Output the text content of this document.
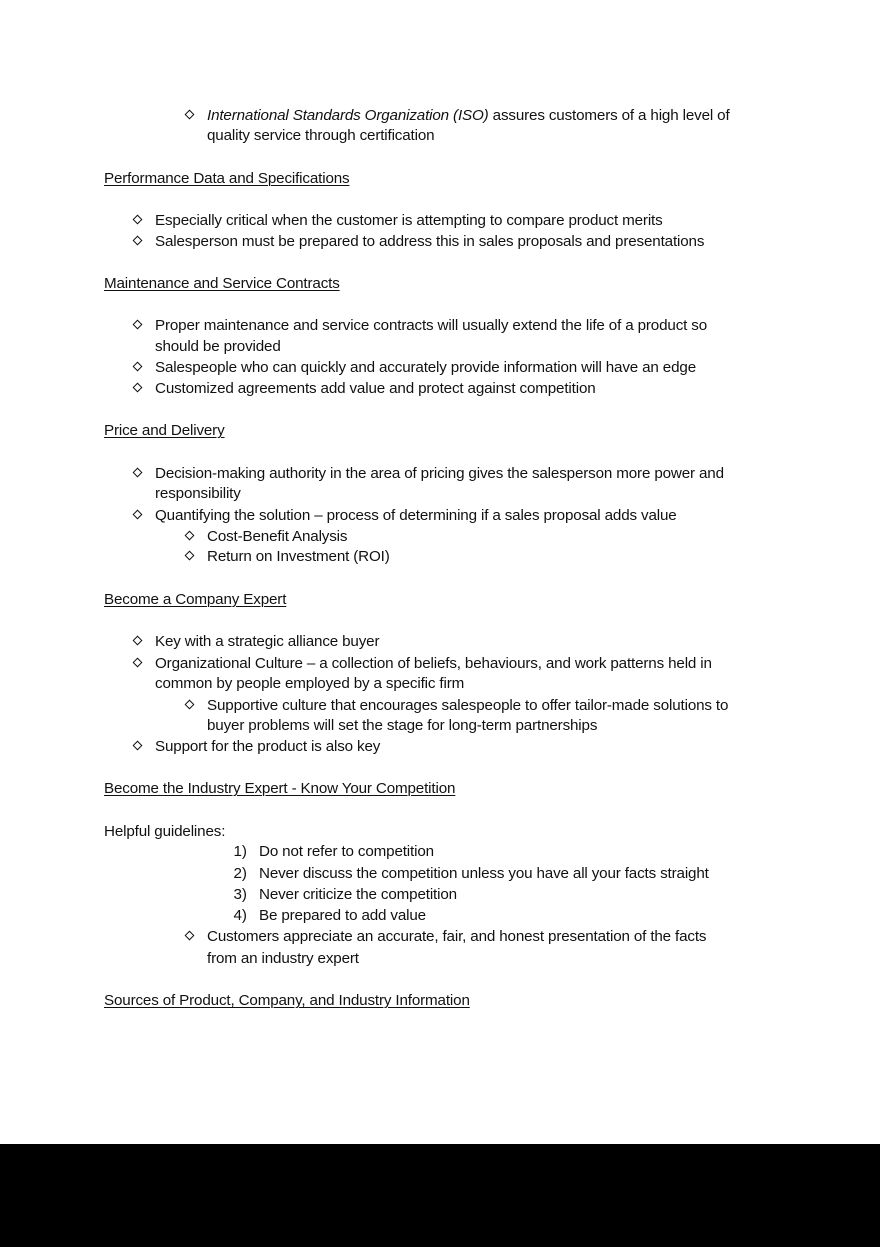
International Standards Organization (ISO) assures customers of a high level of
quality service through certification
Performance Data and Specifications
Especially critical when the customer is attempting to compare product merits
Salesperson must be prepared to address this in sales proposals and presentations
Maintenance and Service Contracts
Proper maintenance and service contracts will usually extend the life of a product so
should be provided
Salespeople who can quickly and accurately provide information will have an edge
Customized agreements add value and protect against competition
Price and Delivery
Decision-making authority in the area of pricing gives the salesperson more power and
responsibility
Quantifying the solution – process of determining if a sales proposal adds value
Cost-Benefit Analysis
Return on Investment (ROI)
Become a Company Expert
Key with a strategic alliance buyer
Organizational Culture – a collection of beliefs, behaviours, and work patterns held in
common by people employed by a specific firm
Supportive culture that encourages salespeople to offer tailor-made solutions to
buyer problems will set the stage for long-term partnerships
Support for the product is also key
Become the Industry Expert - Know Your Competition
Helpful guidelines:
1) Do not refer to competition
2) Never discuss the competition unless you have all your facts straight
3) Never criticize the competition
4) Be prepared to add value
Customers appreciate an accurate, fair, and honest presentation of the facts
from an industry expert
Sources of Product, Company, and Industry Information
